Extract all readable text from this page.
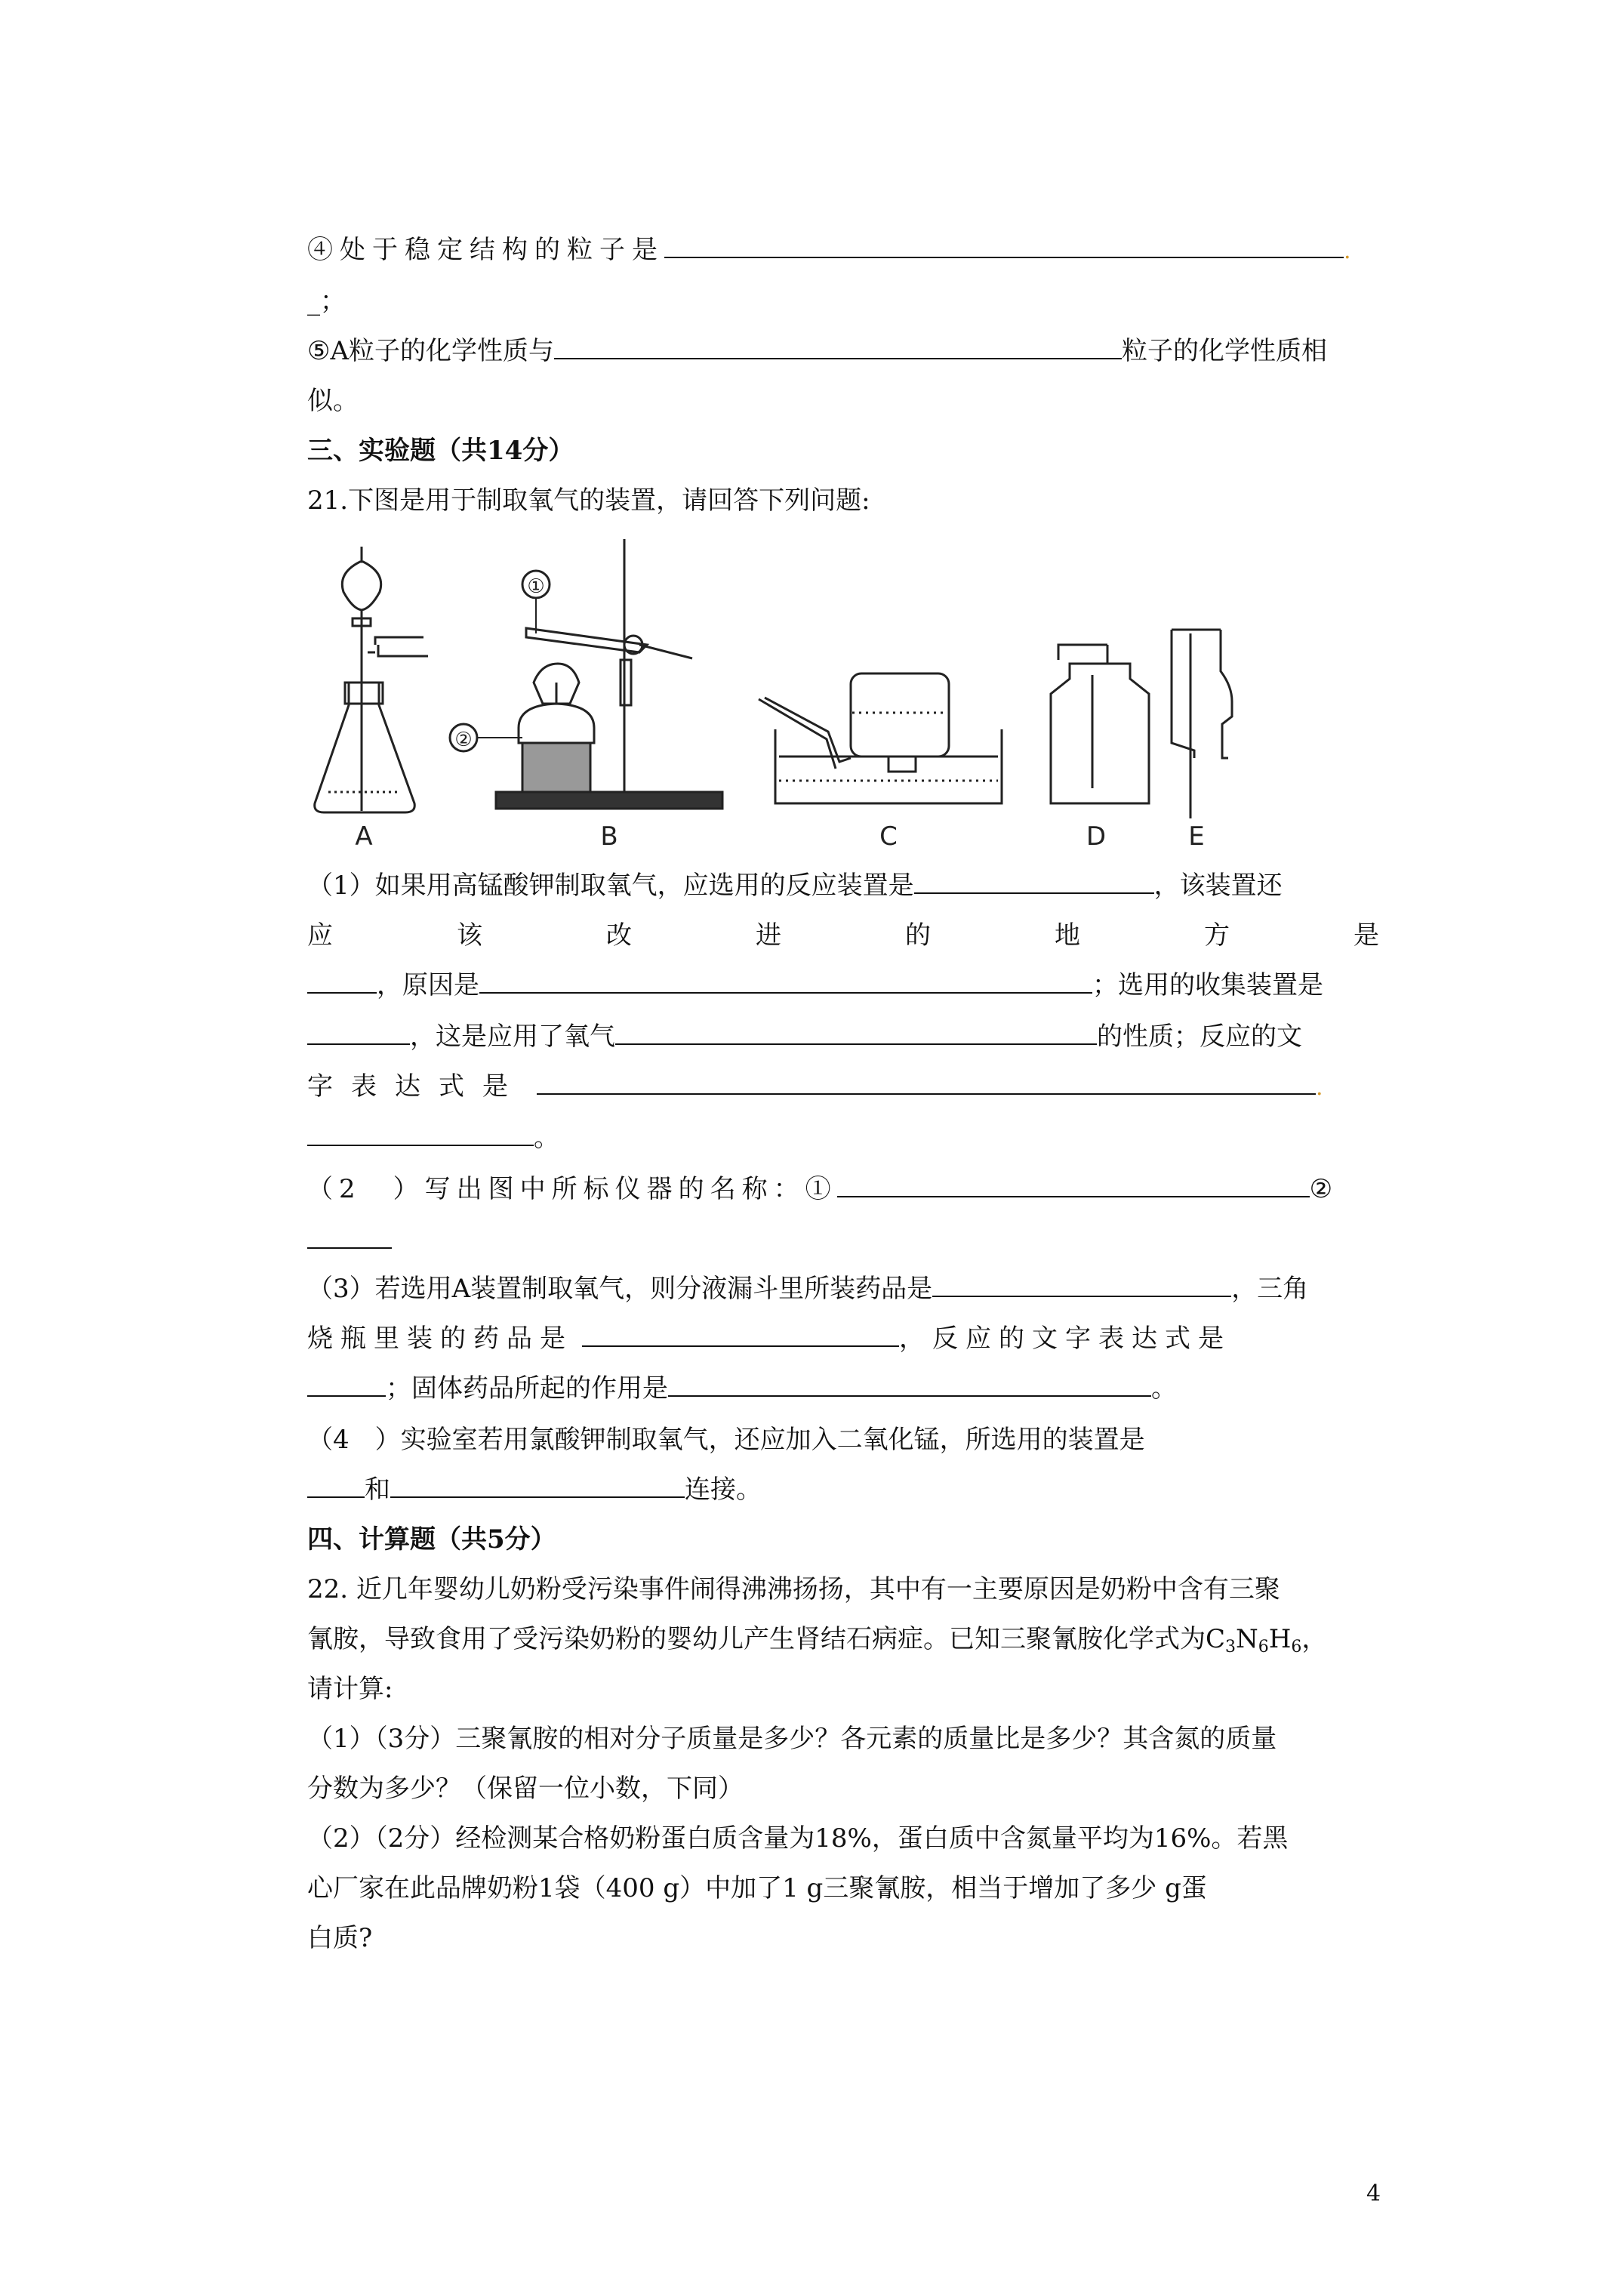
④处于稳定结构的粒子是	.
_；
⑤A粒子的化学性质与	粒子的化学性质相
似。
三、实验题（共14分）
21.下图是用于制取氧气的装置，请回答下列问题:
①
②
A	B	C	D	E
（1）如果用高锰酸钾制取氧气，应选用的反应装置是	，该装置还
应	该	改	进	的	地	方	是
，原因是	；选用的收集装置是
，这是应用了氧气	的性质；反应的文
字表达式是	.
。
（2　）写出图中所标仪器的名称：①	②
（3）若选用A装置制取氧气，则分液漏斗里所装药品是	，三角
烧瓶里装的药品是	，反应的文字表达式是
；固体药品所起的作用是	。
（4　）实验室若用氯酸钾制取氧气，还应加入二氧化锰，所选用的装置是
和	连接。
四、计算题（共5分）
22. 近几年婴幼儿奶粉受污染事件闹得沸沸扬扬，其中有一主要原因是奶粉中含有三聚
氰胺，导致食用了受污染奶粉的婴幼儿产生肾结石病症。已知三聚氰胺化学式为$C_3N_6H_6$，
请计算:
（1）（3分）三聚氰胺的相对分子质量是多少？各元素的质量比是多少？其含氮的质量
分数为多少？（保留一位小数，下同）
（2）（2分）经检测某合格奶粉蛋白质含量为18%，蛋白质中含氮量平均为16%。若黑
心厂家在此品牌奶粉1袋（400 g）中加了1 g三聚氰胺，相当于增加了多少 g蛋
白质?
4
